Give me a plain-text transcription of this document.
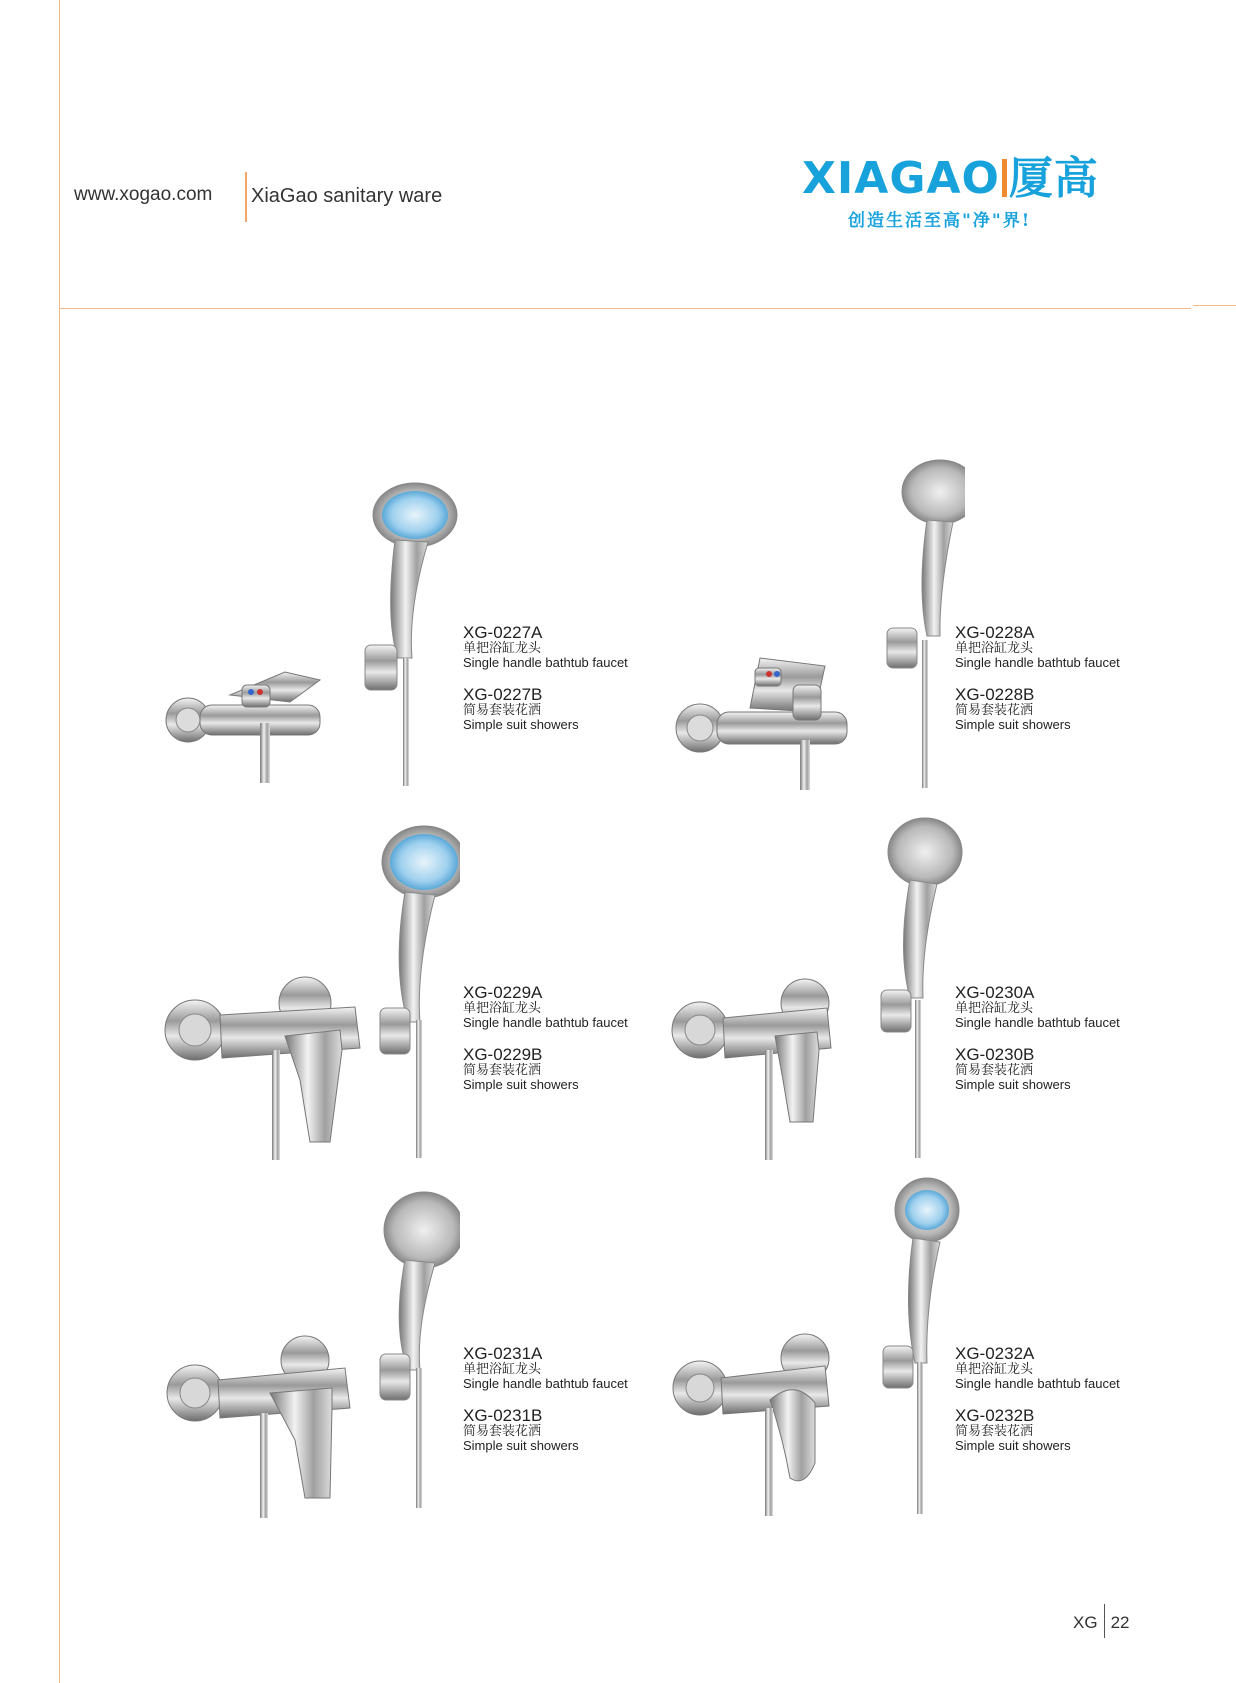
www.xogao.com XiaGao sanitary ware	XIAGAO 厦高
创造生活至高"净"界!
XG-0227A
单把浴缸龙头
Single handle bathtub faucet
XG-0227B
简易套装花洒
Simple suit showers
XG-0228A
单把浴缸龙头
Single handle bathtub faucet
XG-0228B
简易套装花洒
Simple suit showers
XG-0229A
单把浴缸龙头
Single handle bathtub faucet
XG-0229B
简易套装花洒
Simple suit showers
XG-0230A
单把浴缸龙头
Single handle bathtub faucet
XG-0230B
简易套装花洒
Simple suit showers
XG-0231A
单把浴缸龙头
Single handle bathtub faucet
XG-0231B
简易套装花洒
Simple suit showers
XG-0232A
单把浴缸龙头
Single handle bathtub faucet
XG-0232B
简易套装花洒
Simple suit showers
XG 22
